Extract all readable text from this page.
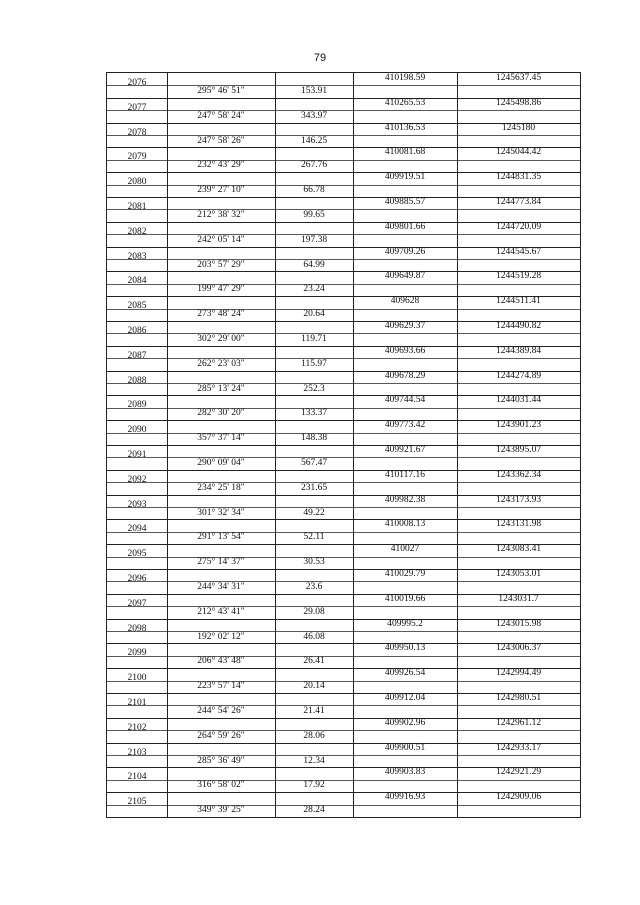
79
2076	410198.59	1245637.45
295° 46' 51"	153.91
2077	410265.53	1245498.86
247° 58' 24"	343.97
2078	410136.53	1245180
247° 58' 26"	146.25
2079	410081.68	1245044.42
232° 43' 29"	267.76
2080	409919.51	1244831.35
239° 27' 10"	66.78
2081	409885.57	1244773.84
212° 38' 32"	99.65
2082	409801.66	1244720.09
242° 05' 14"	197.38
2083	409709.26	1244545.67
203° 57' 29"	64.99
2084	409649.87	1244519.28
199° 47' 29"	23.24
2085	409628	1244511.41
273° 48' 24"	20.64
2086	409629.37	1244490.82
302° 29' 00"	119.71
2087	409693.66	1244389.84
262° 23' 03"	115.97
2088	409678.29	1244274.89
285° 13' 24"	252.3
2089	409744.54	1244031.44
282° 30' 20"	133.37
2090	409773.42	1243901.23
357° 37' 14"	148.38
2091	409921.67	1243895.07
290° 09' 04"	567.47
2092	410117.16	1243362.34
234° 25' 18"	231.65
2093	409982.38	1243173.93
301° 32' 34"	49.22
2094	410008.13	1243131.98
291° 13' 54"	52.11
2095	410027	1243083.41
275° 14' 37"	30.53
2096	410029.79	1243053.01
244° 34' 31"	23.6
2097	410019.66	1243031.7
212° 43' 41"	29.08
2098	409995.2	1243015.98
192° 02' 12"	46.08
2099	409950.13	1243006.37
206° 43' 48"	26.41
2100	409926.54	1242994.49
223° 57' 14"	20.14
2101	409912.04	1242980.51
244° 54' 26"	21.41
2102	409902.96	1242961.12
264° 59' 26"	28.06
2103	409900.51	1242933.17
285° 36' 49"	12.34
2104	409903.83	1242921.29
316° 58' 02"	17.92
2105	409916.93	1242909.06
349° 39' 25"	28.24
